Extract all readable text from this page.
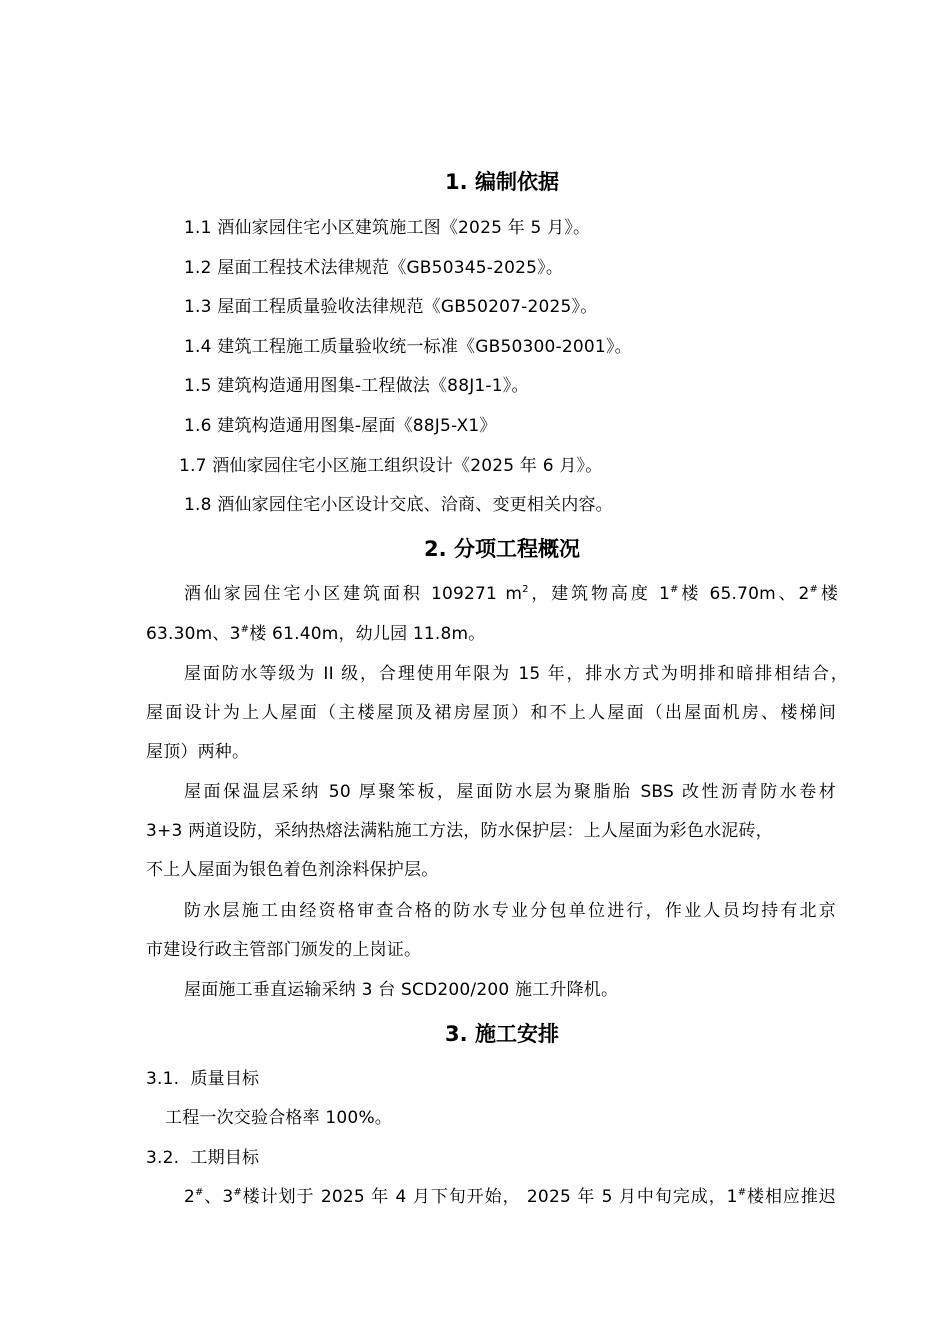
1. 编制依据
1.1 酒仙家园住宅小区建筑施工图《2025 年 5 月》。
1.2 屋面工程技术法律规范《GB50345-2025》。
1.3 屋面工程质量验收法律规范《GB50207-2025》。
1.4 建筑工程施工质量验收统一标准《GB50300-2001》。
1.5 建筑构造通用图集-工程做法《88J1-1》。
1.6 建筑构造通用图集-屋面《88J5-X1》
1.7 酒仙家园住宅小区施工组织设计《2025 年 6 月》。
1.8 酒仙家园住宅小区设计交底、洽商、变更相关内容。
2. 分项工程概况
酒仙家园住宅小区建筑面积 109271 $m^2$，建筑物高度 1#楼 65.70m、2#楼
63.30m、3#楼 61.40m，幼儿园 11.8m。
屋面防水等级为 II 级，合理使用年限为 15 年，排水方式为明排和暗排相结合，
屋面设计为上人屋面（主楼屋顶及裙房屋顶）和不上人屋面（出屋面机房、楼梯间
屋顶）两种。
屋面保温层采纳 50 厚聚笨板，屋面防水层为聚脂胎 SBS 改性沥青防水卷材
3+3 两道设防，采纳热熔法满粘施工方法，防水保护层：上人屋面为彩色水泥砖，
不上人屋面为银色着色剂涂料保护层。
防水层施工由经资格审查合格的防水专业分包单位进行，作业人员均持有北京
市建设行政主管部门颁发的上岗证。
屋面施工垂直运输采纳 3 台 SCD200/200 施工升降机。
3. 施工安排
3.1.  质量目标
工程一次交验合格率 100%。
3.2.  工期目标
2#、3#楼计划于 2025 年 4 月下旬开始， 2025 年 5 月中旬完成，1#楼相应推迟
